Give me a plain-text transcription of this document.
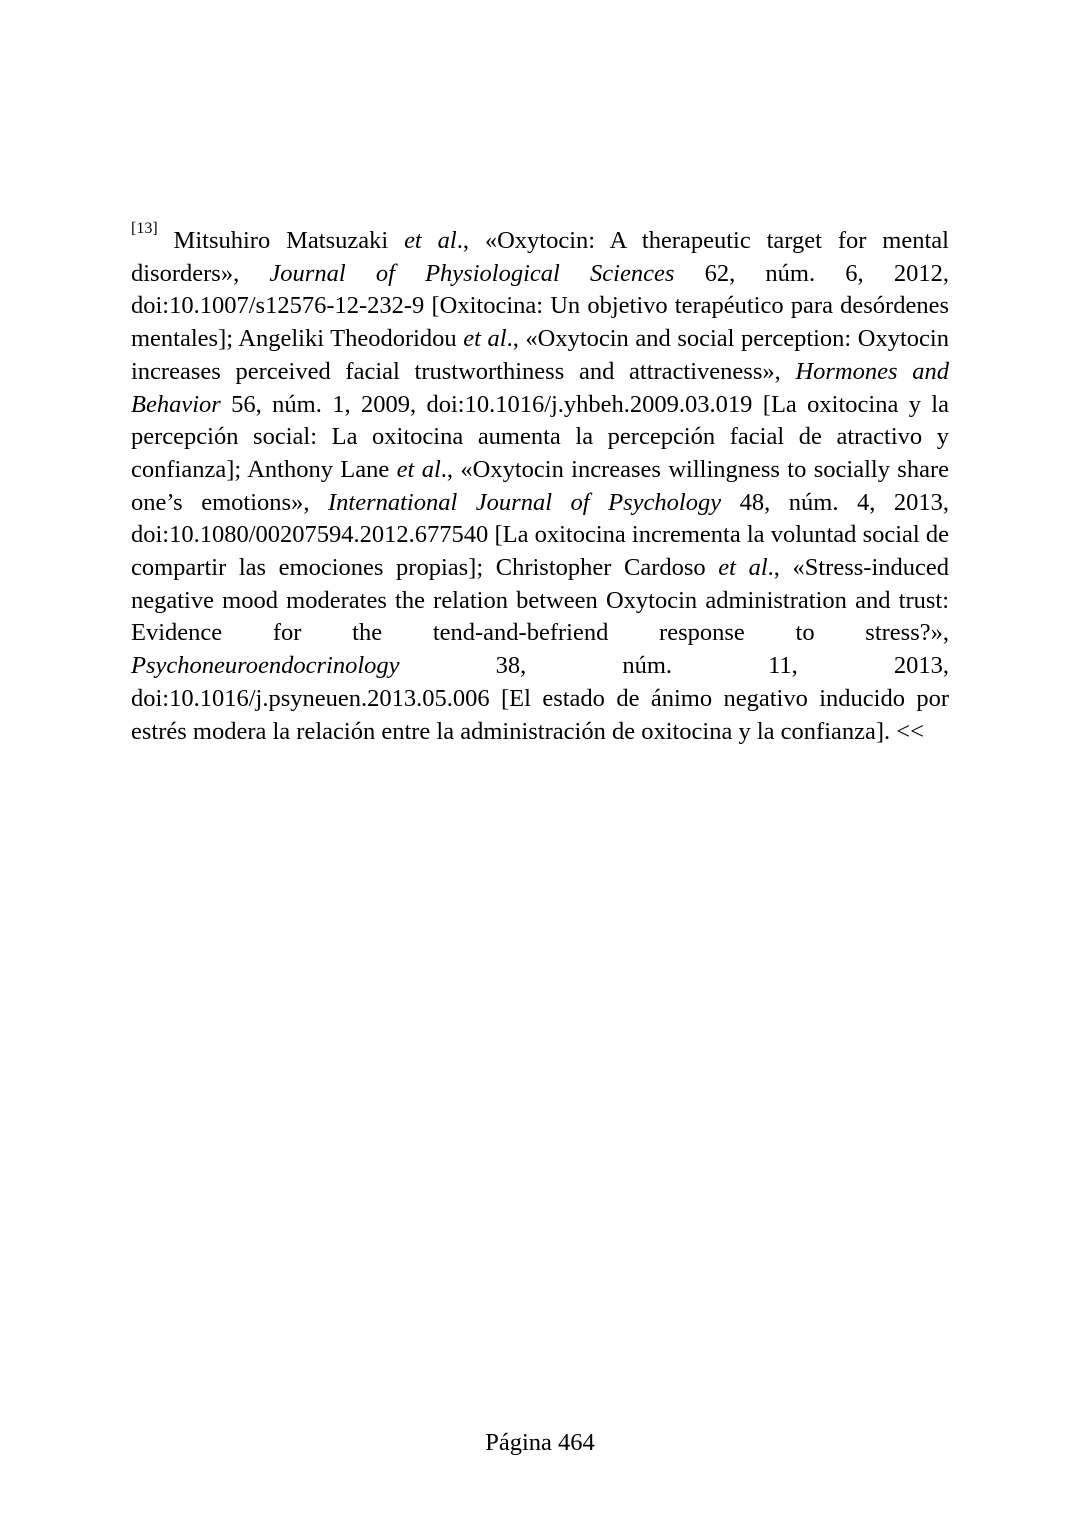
[13] Mitsuhiro Matsuzaki et al., «Oxytocin: A therapeutic target for mental disorders», Journal of Physiological Sciences 62, núm. 6, 2012, doi:10.1007/s12576-12-232-9 [Oxitocina: Un objetivo terapéutico para desórdenes mentales]; Angeliki Theodoridou et al., «Oxytocin and social perception: Oxytocin increases perceived facial trustworthiness and attractiveness», Hormones and Behavior 56, núm. 1, 2009, doi:10.1016/j.yhbeh.2009.03.019 [La oxitocina y la percepción social: La oxitocina aumenta la percepción facial de atractivo y confianza]; Anthony Lane et al., «Oxytocin increases willingness to socially share one’s emotions», International Journal of Psychology 48, núm. 4, 2013, doi:10.1080/00207594.2012.677540 [La oxitocina incrementa la voluntad social de compartir las emociones propias]; Christopher Cardoso et al., «Stress-induced negative mood moderates the relation between Oxytocin administration and trust: Evidence for the tend-and-befriend response to stress?», Psychoneuroendocrinology 38, núm. 11, 2013, doi:10.1016/j.psyneuen.2013.05.006 [El estado de ánimo negativo inducido por estrés modera la relación entre la administración de oxitocina y la confianza]. <<

Página 464
